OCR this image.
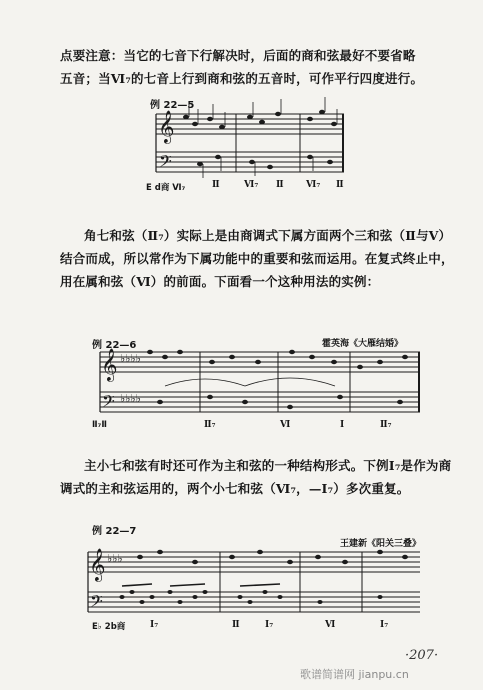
点要注意：当它的七音下行解决时，后面的商和弦最好不要省略
五音；当Ⅵ₇的七音上行到商和弦的五音时，可作平行四度进行。
例 22—5
E d商 Ⅵ₇	Ⅱ	Ⅵ₇ Ⅱ Ⅵ₇ Ⅱ
𝄞
𝄢
𝄞
𝄢
♭♭♭♭
♭♭♭♭
𝄞
𝄢
♭♭♭
Ⅱ₇Ⅱ
例 22—6	霍英海《大雁结婚》
Ⅱ₇	Ⅵ	Ⅰ	Ⅱ₇
角七和弦（Ⅱ₇）实际上是由商调式下属方面两个三和弦（Ⅱ与Ⅴ）结合而成，所以常作为下属功能中的重要和弦而运用。在复式终止中，用在属和弦（Ⅵ）的前面。下面看一个这种用法的实例：
主小七和弦有时还可作为主和弦的一种结构形式。下例Ⅰ₇是作为商调式的主和弦运用的，两个小七和弦（Ⅵ₇，—Ⅰ₇）多次重复。
例 22—7
王建新《阳关三叠》
E♭ 2b商	Ⅰ₇	Ⅱ	Ⅰ₇	Ⅵ	Ⅰ₇
·207·
歌谱简谱网 jianpu.cn
